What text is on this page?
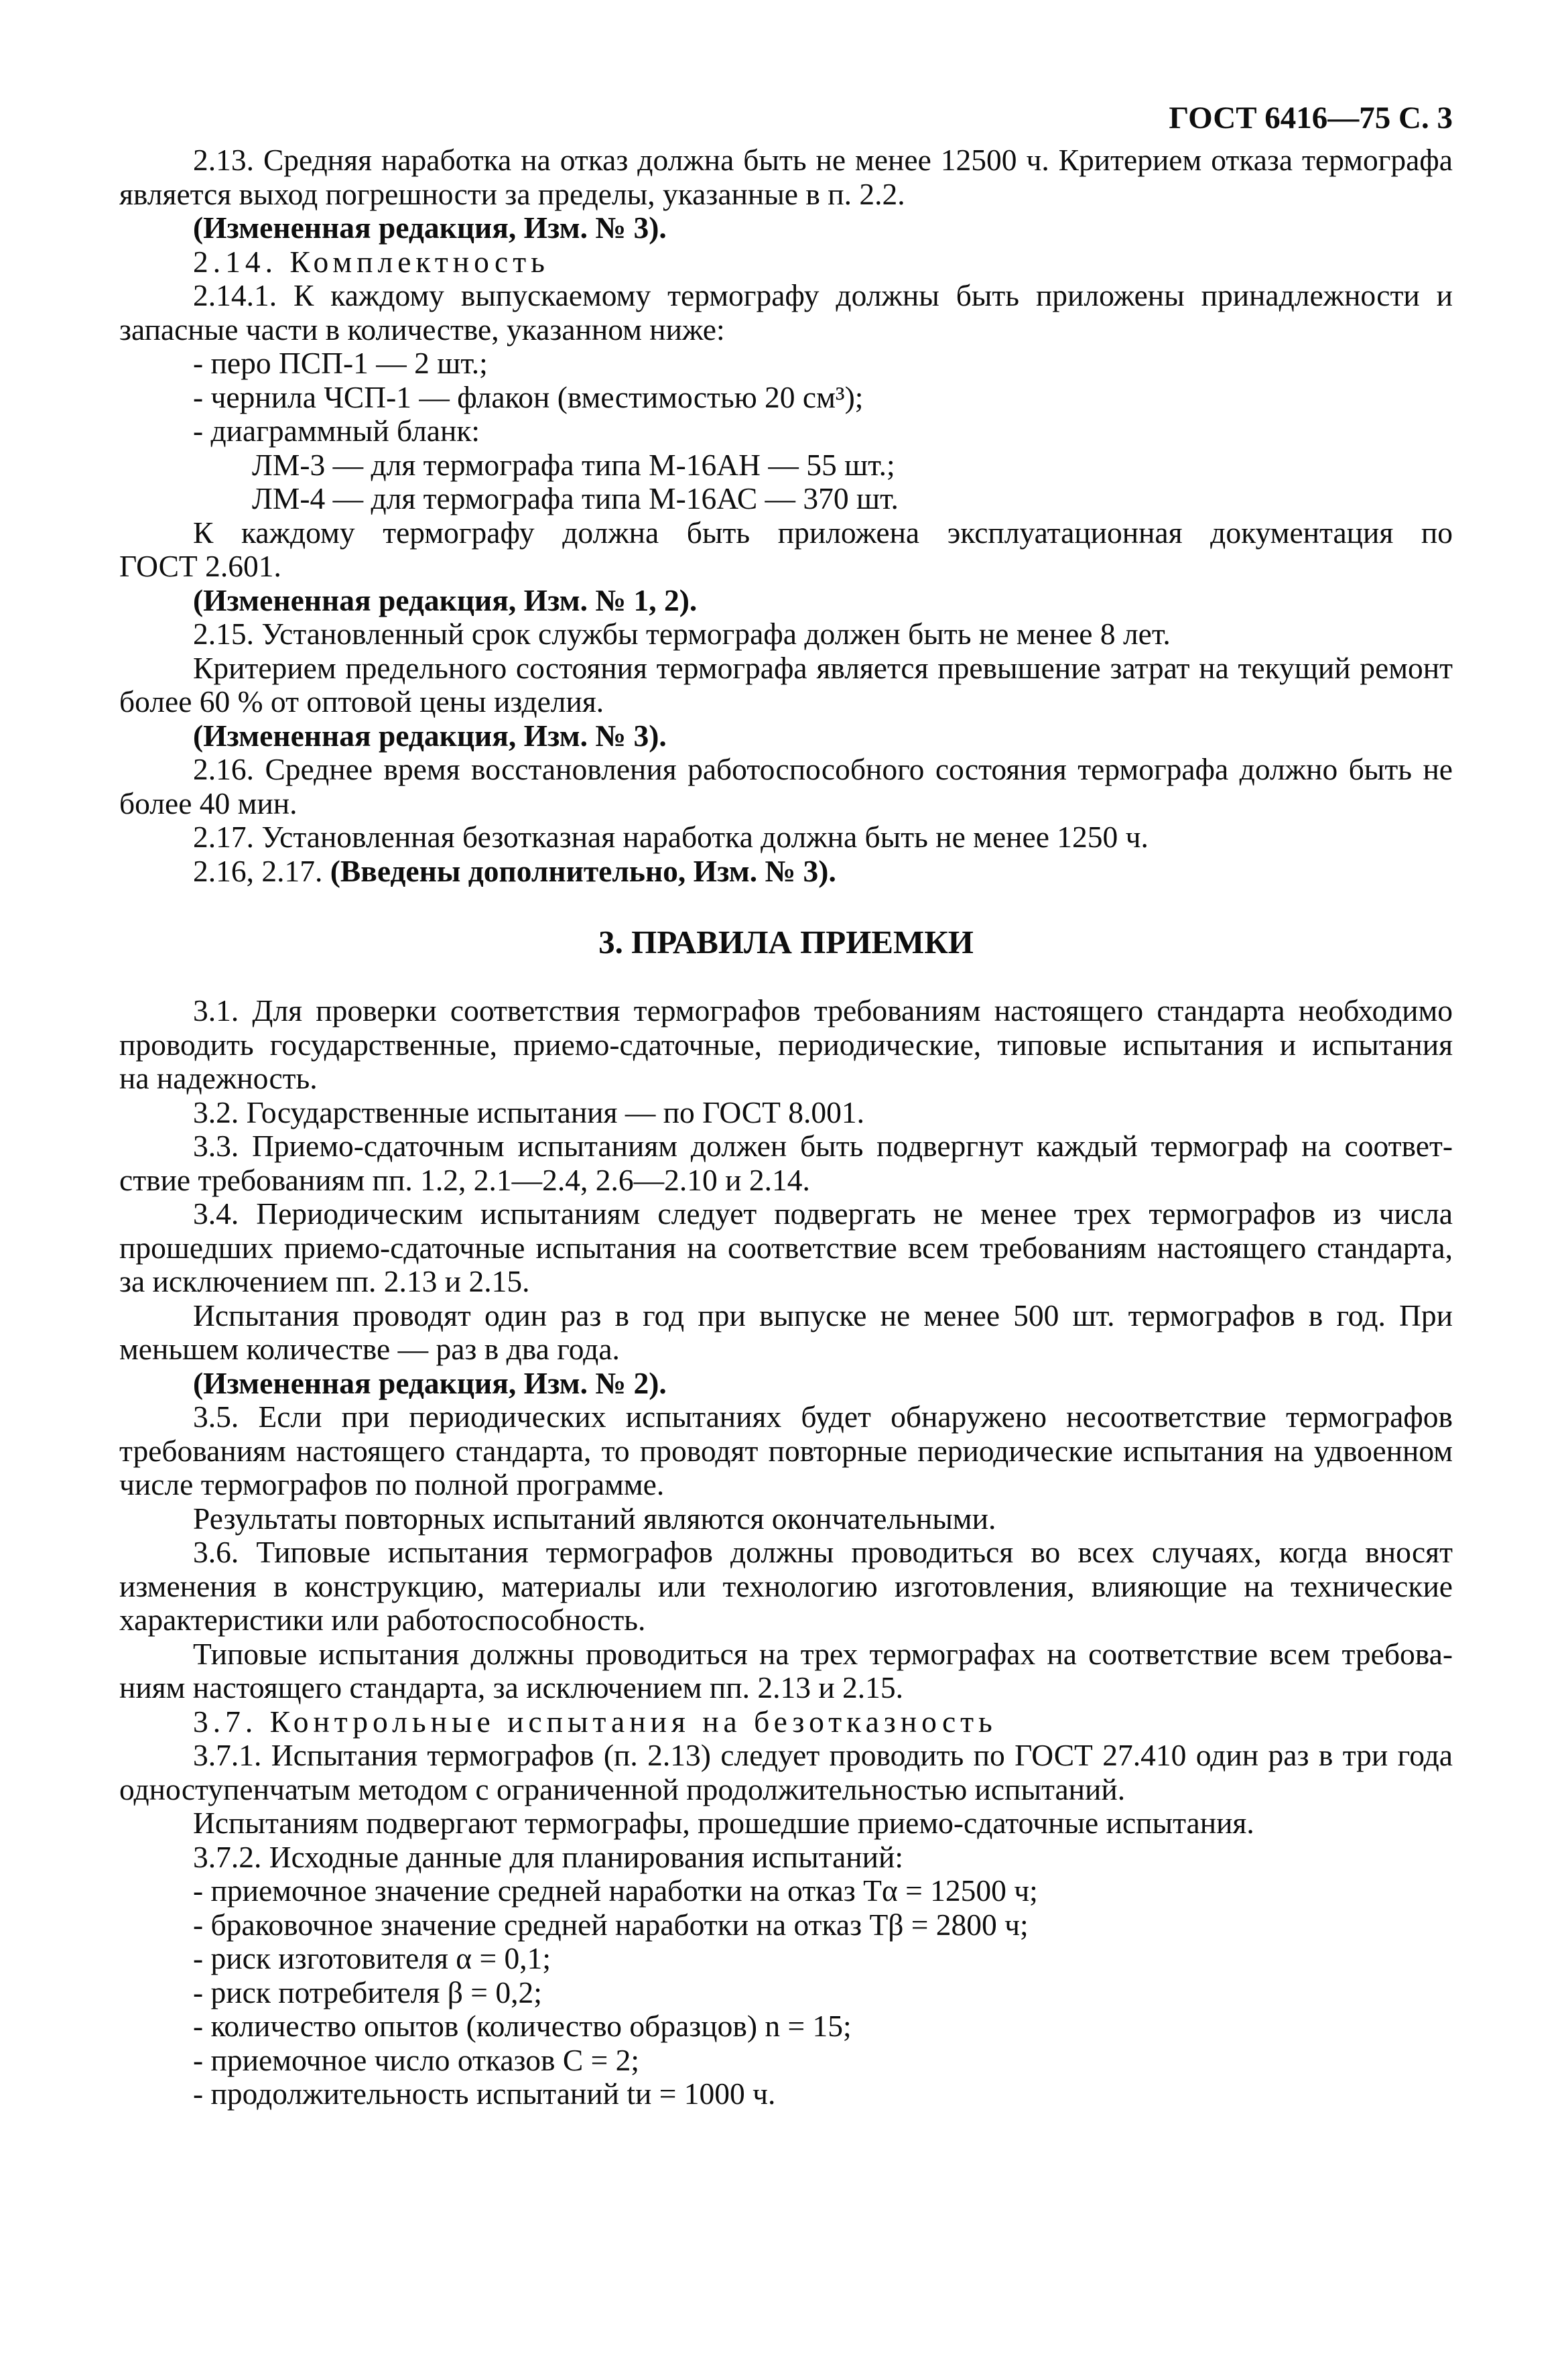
ГОСТ 6416—75 С. 3

2.13. Средняя наработка на отказ должна быть не менее 12500 ч. Критерием отказа термографа

является выход погрешности за пределы, указанные в п. 2.2.

(Измененная редакция, Изм. № 3).

2.14. Комплектность

2.14.1. К каждому выпускаемому термографу должны быть приложены принадлежности и

запасные части в количестве, указанном ниже:

- перо ПСП-1 — 2 шт.;

- чернила ЧСП-1 — флакон (вместимостью 20 см³);

- диаграммный бланк:

ЛМ-3 — для термографа типа М-16АН — 55 шт.;

ЛМ-4 — для термографа типа М-16АС — 370 шт.

К каждому термографу должна быть приложена эксплуатационная документация по

ГОСТ 2.601.

(Измененная редакция, Изм. № 1, 2).

2.15. Установленный срок службы термографа должен быть не менее 8 лет.

Критерием предельного состояния термографа является превышение затрат на текущий ремонт

более 60 % от оптовой цены изделия.

(Измененная редакция, Изм. № 3).

2.16. Среднее время восстановления работоспособного состояния термографа должно быть не

более 40 мин.

2.17. Установленная безотказная наработка должна быть не менее 1250 ч.

2.16, 2.17. (Введены дополнительно, Изм. № 3).

3. ПРАВИЛА ПРИЕМКИ

3.1. Для проверки соответствия термографов требованиям настоящего стандарта необходимо

проводить государственные, приемо-сдаточные, периодические, типовые испытания и испытания

на надежность.

3.2. Государственные испытания — по ГОСТ 8.001.

3.3. Приемо-сдаточным испытаниям должен быть подвергнут каждый термограф на соответ-

ствие требованиям пп. 1.2, 2.1—2.4, 2.6—2.10 и 2.14.

3.4. Периодическим испытаниям следует подвергать не менее трех термографов из числа

прошедших приемо-сдаточные испытания на соответствие всем требованиям настоящего стандарта,

за исключением пп. 2.13 и 2.15.

Испытания проводят один раз в год при выпуске не менее 500 шт. термографов в год. При

меньшем количестве — раз в два года.

(Измененная редакция, Изм. № 2).

3.5. Если при периодических испытаниях будет обнаружено несоответствие термографов

требованиям настоящего стандарта, то проводят повторные периодические испытания на удвоенном

числе термографов по полной программе.

Результаты повторных испытаний являются окончательными.

3.6. Типовые испытания термографов должны проводиться во всех случаях, когда вносят

изменения в конструкцию, материалы или технологию изготовления, влияющие на технические

характеристики или работоспособность.

Типовые испытания должны проводиться на трех термографах на соответствие всем требова-

ниям настоящего стандарта, за исключением пп. 2.13 и 2.15.

3.7. Контрольные испытания на безотказность

3.7.1. Испытания термографов (п. 2.13) следует проводить по ГОСТ 27.410 один раз в три года

одноступенчатым методом с ограниченной продолжительностью испытаний.

Испытаниям подвергают термографы, прошедшие приемо-сдаточные испытания.

3.7.2. Исходные данные для планирования испытаний:

- приемочное значение средней наработки на отказ Tα = 12500 ч;

- браковочное значение средней наработки на отказ Tβ = 2800 ч;

- риск изготовителя α = 0,1;

- риск потребителя β = 0,2;

- количество опытов (количество образцов) n = 15;

- приемочное число отказов C = 2;

- продолжительность испытаний tи = 1000 ч.
